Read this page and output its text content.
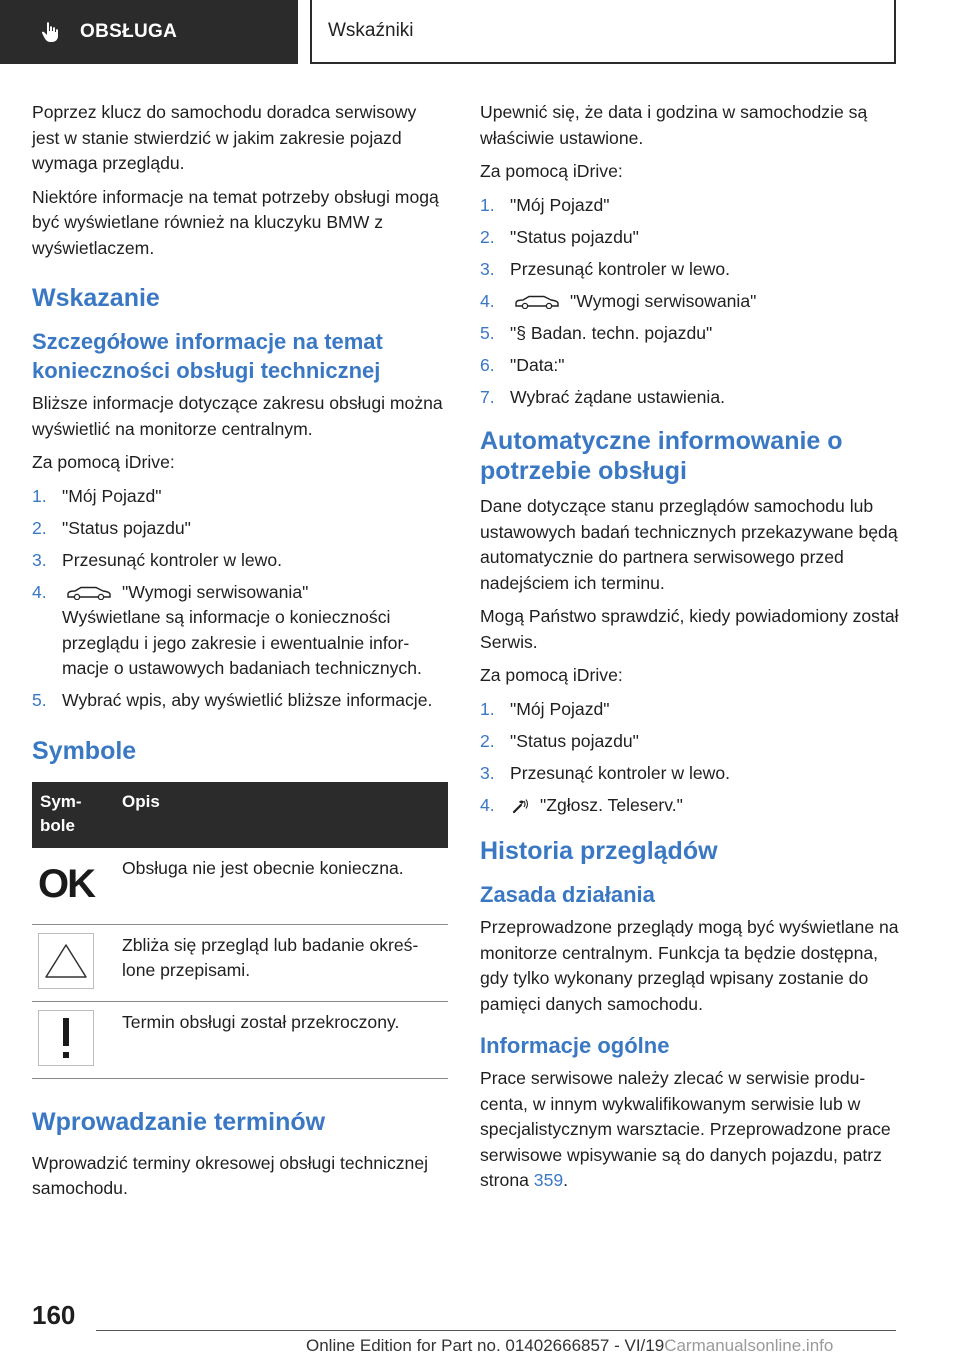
OBSŁUGA	Wskaźniki

Poprzez klucz do samochodu doradca serwisowy jest w stanie stwierdzić w jakim zakresie pojazd wymaga przeglądu.

Niektóre informacje na temat potrzeby obsługi mogą być wyświetlane również na kluczyku BMW z wyświetlaczem.

Wskazanie
Szczegółowe informacje na temat konieczności obsługi technicznej

Bliższe informacje dotyczące zakresu obsługi można wyświetlić na monitorze centralnym.

Za pomocą iDrive:

1. "Mój Pojazd"
2. "Status pojazdu"
3. Przesunąć kontroler w lewo.
4.	"Wymogi serwisowania"
Wyświetlane są informacje o konieczności przeglądu i jego zakresie i ewentualnie informacje o ustawowych badaniach technicznych.
5. Wybrać wpis, aby wyświetlić bliższe informacje.
Symbole
Symbole	Opis

OK	Obsługa nie jest obecnie konieczna.

	Zbliża się przegląd lub badanie określone przepisami.

	Termin obsługi został przekroczony.
Wprowadzanie terminów

Wprowadzić terminy okresowej obsługi technicznej samochodu.

Upewnić się, że data i godzina w samochodzie są właściwie ustawione.

Za pomocą iDrive:

1. "Mój Pojazd"
2. "Status pojazdu"
3. Przesunąć kontroler w lewo.
4.	"Wymogi serwisowania"
5. "§ Badan. techn. pojazdu"
6. "Data:"
7. Wybrać żądane ustawienia.
Automatyczne informowanie o potrzebie obsługi

Dane dotyczące stanu przeglądów samochodu lub ustawowych badań technicznych przekazywane będą automatycznie do partnera serwisowego przed nadejściem ich terminu.

Mogą Państwo sprawdzić, kiedy powiadomiony został Serwis.

Za pomocą iDrive:

1. "Mój Pojazd"
2. "Status pojazdu"
3. Przesunąć kontroler w lewo.
4.	"Zgłosz. Teleserv."
Historia przeglądów
Zasada działania

Przeprowadzone przeglądy mogą być wyświetlane na monitorze centralnym. Funkcja ta będzie dostępna, gdy tylko wykonany przegląd wpisany zostanie do pamięci danych samochodu.

Informacje ogólne

Prace serwisowe należy zlecać w serwisie producenta, w innym wykwalifikowanym serwisie lub w specjalistycznym warsztacie. Przeprowadzone prace serwisowe wpisywanie są do danych pojazdu, patrz strona 359.

160
Online Edition for Part no. 01402666857 - VI/19Carmanualsonline.info
